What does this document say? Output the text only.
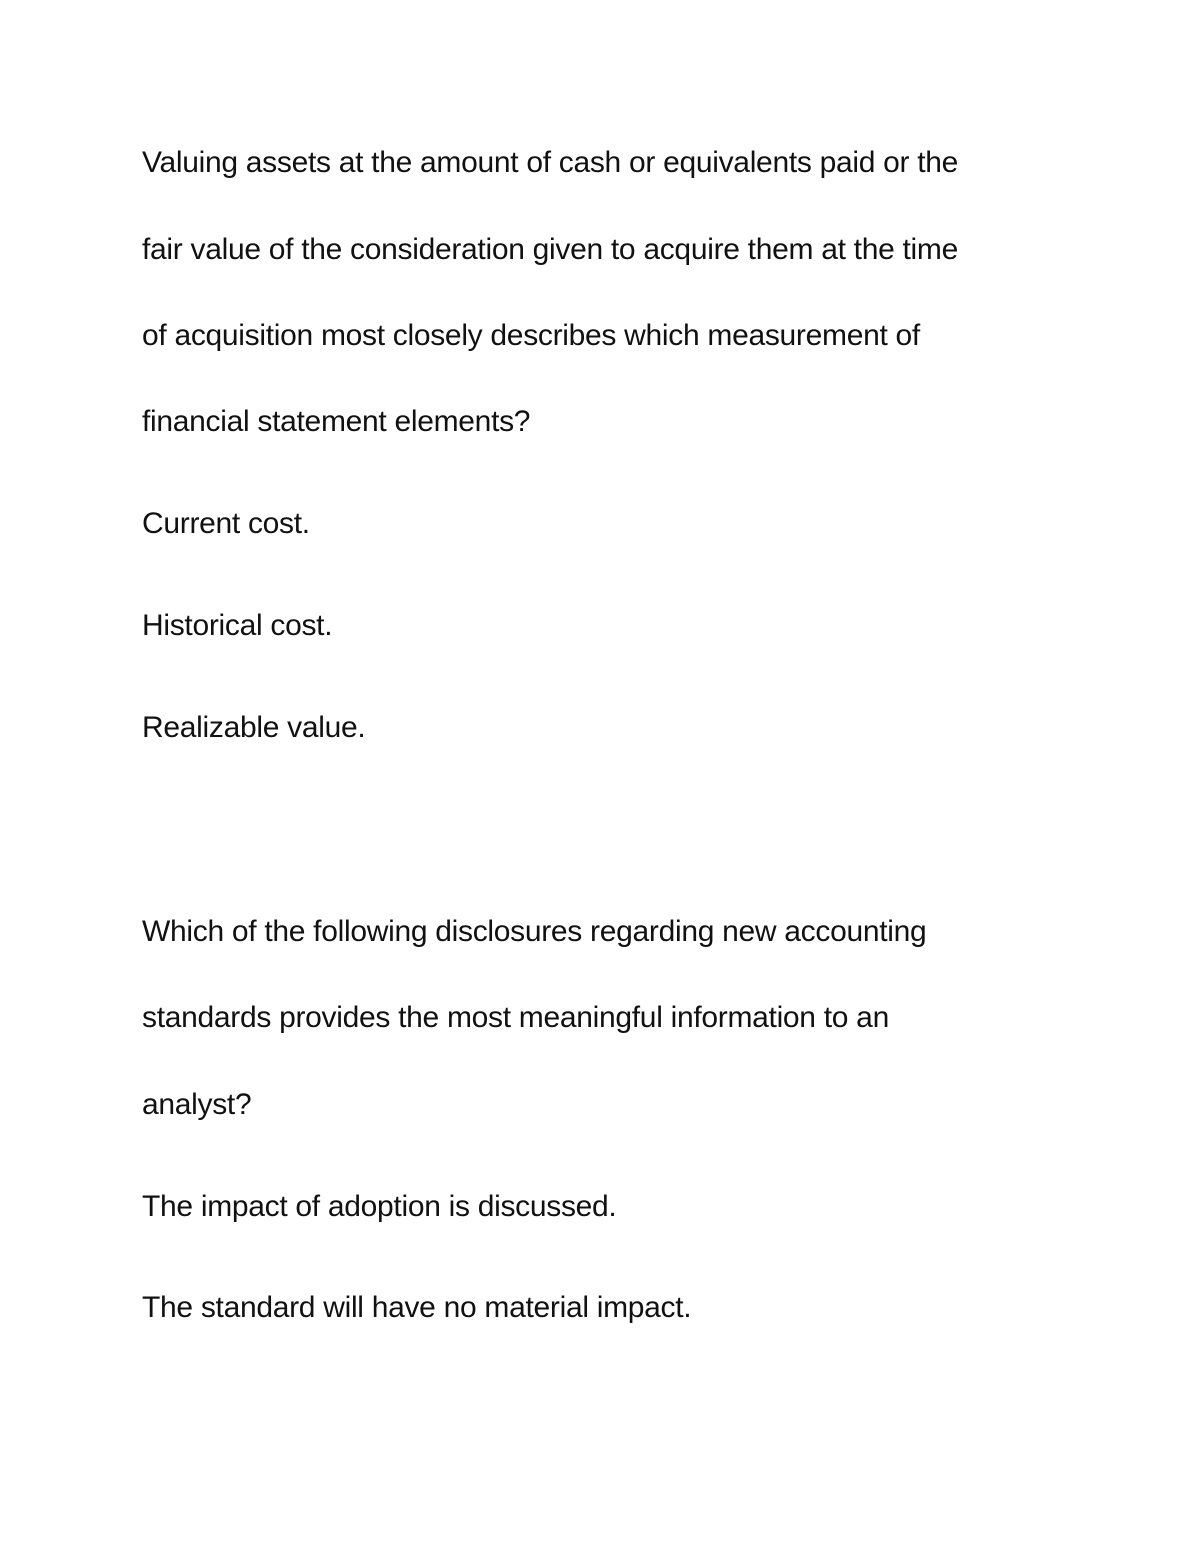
Valuing assets at the amount of cash or equivalents paid or the

fair value of the consideration given to acquire them at the time

of acquisition most closely describes which measurement of

financial statement elements?

Current cost.

Historical cost.

Realizable value.

Which of the following disclosures regarding new accounting

standards provides the most meaningful information to an

analyst?

The impact of adoption is discussed.

The standard will have no material impact.
